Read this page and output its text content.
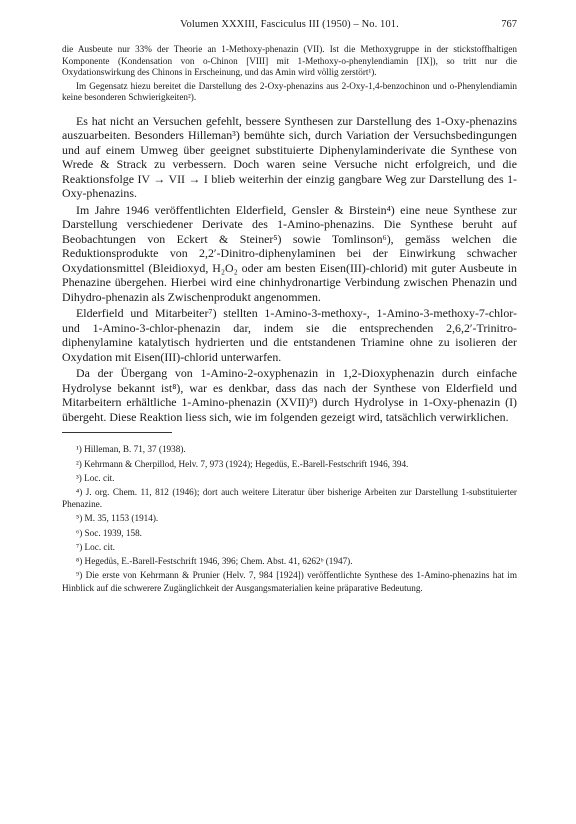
Volumen XXXIII, Fasciculus III (1950) – No. 101.	767

die Ausbeute nur 33% der Theorie an 1-Methoxy-phenazin (VII). Ist die Methoxygruppe in der stickstoffhaltigen Komponente (Kondensation von o-Chinon [VIII] mit 1-Methoxy-o-phenylendiamin [IX]), so tritt nur die Oxydationswirkung des Chinons in Erscheinung, und das Amin wird völlig zerstört¹).

Im Gegensatz hiezu bereitet die Darstellung des 2-Oxy-phenazins aus 2-Oxy-1,4-benzochinon und o-Phenylendiamin keine besonderen Schwierigkeiten²).

Es hat nicht an Versuchen gefehlt, bessere Synthesen zur Darstellung des 1-Oxy-phenazins auszuarbeiten. Besonders Hilleman³) bemühte sich, durch Variation der Versuchsbedingungen und auf einem Umweg über geeignet substituierte Diphenylaminderivate die Synthese von Wrede & Strack zu verbessern. Doch waren seine Versuche nicht erfolgreich, und die Reaktionsfolge IV → VII → I blieb weiterhin der einzig gangbare Weg zur Darstellung des 1-Oxy-phenazins.

Im Jahre 1946 veröffentlichten Elderfield, Gensler & Birstein⁴) eine neue Synthese zur Darstellung verschiedener Derivate des 1-Amino-phenazins. Die Synthese beruht auf Beobachtungen von Eckert & Steiner⁵) sowie Tomlinson⁶), gemäss welchen die Reduktionsprodukte von 2,2′-Dinitro-diphenylaminen bei der Einwirkung schwacher Oxydationsmittel (Bleidioxyd, H₂O₂ oder am besten Eisen(III)-chlorid) mit guter Ausbeute in Phenazine übergehen. Hierbei wird eine chinhydronartige Verbindung zwischen Phenazin und Dihydro-phenazin als Zwischenprodukt angenommen.

Elderfield und Mitarbeiter⁷) stellten 1-Amino-3-methoxy-, 1-Amino-3-methoxy-7-chlor- und 1-Amino-3-chlor-phenazin dar, indem sie die entsprechenden 2,6,2′-Trinitro-diphenylamine katalytisch hydrierten und die entstandenen Triamine ohne zu isolieren der Oxydation mit Eisen(III)-chlorid unterwarfen.

Da der Übergang von 1-Amino-2-oxyphenazin in 1,2-Dioxyphenazin durch einfache Hydrolyse bekannt ist⁸), war es denkbar, dass das nach der Synthese von Elderfield und Mitarbeitern erhältliche 1-Amino-phenazin (XVII)⁹) durch Hydrolyse in 1-Oxy-phenazin (I) übergeht. Diese Reaktion liess sich, wie im folgenden gezeigt wird, tatsächlich verwirklichen.

¹) Hilleman, B. 71, 37 (1938).

²) Kehrmann & Cherpillod, Helv. 7, 973 (1924); Hegedüs, E.-Barell-Festschrift 1946, 394.

³) Loc. cit.

⁴) J. org. Chem. 11, 812 (1946); dort auch weitere Literatur über bisherige Arbeiten zur Darstellung 1-substituierter Phenazine.

⁵) M. 35, 1153 (1914).

⁶) Soc. 1939, 158.

⁷) Loc. cit.

⁸) Hegedüs, E.-Barell-Festschrift 1946, 396; Chem. Abst. 41, 6262ᵇ (1947).

⁹) Die erste von Kehrmann & Prunier (Helv. 7, 984 [1924]) veröffentlichte Synthese des 1-Amino-phenazins hat im Hinblick auf die schwerere Zugänglichkeit der Ausgangsmaterialien keine präparative Bedeutung.
